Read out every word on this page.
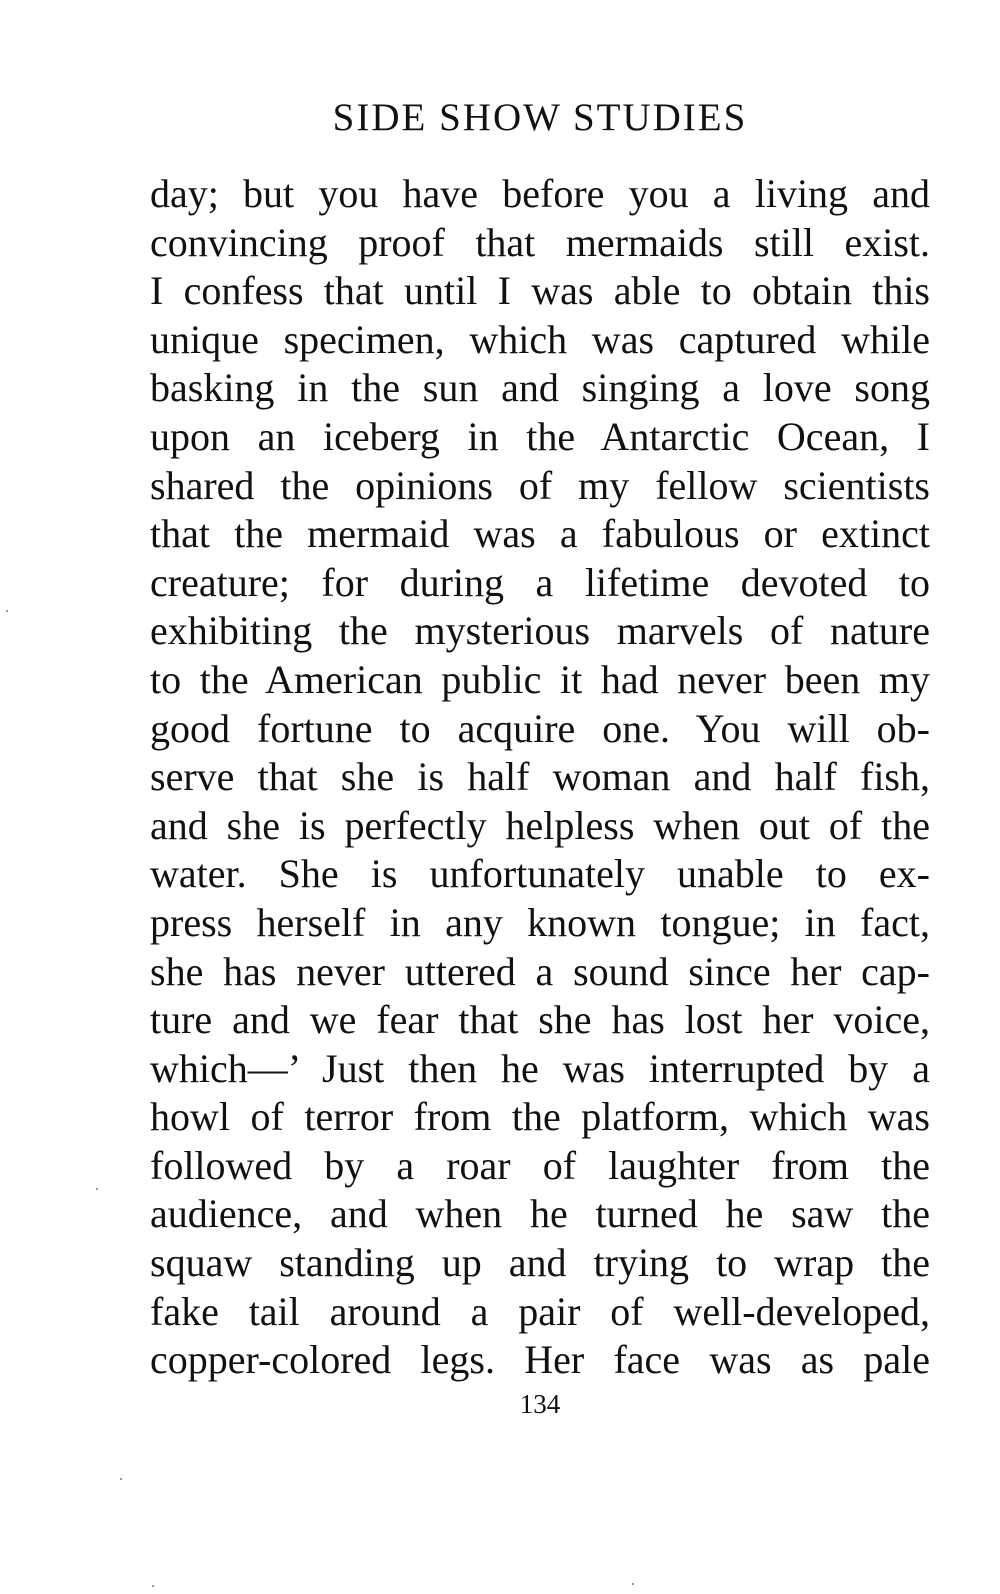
SIDE SHOW STUDIES
day; but you have before you a living and
convincing proof that mermaids still exist.
I confess that until I was able to obtain this
unique specimen, which was captured while
basking in the sun and singing a love song
upon an iceberg in the Antarctic Ocean, I
shared the opinions of my fellow scientists
that the mermaid was a fabulous or extinct
creature; for during a lifetime devoted to
exhibiting the mysterious marvels of nature
to the American public it had never been my
good fortune to acquire one. You will ob-
serve that she is half woman and half fish,
and she is perfectly helpless when out of the
water. She is unfortunately unable to ex-
press herself in any known tongue; in fact,
she has never uttered a sound since her cap-
ture and we fear that she has lost her voice,
which—’ Just then he was interrupted by a
howl of terror from the platform, which was
followed by a roar of laughter from the
audience, and when he turned he saw the
squaw standing up and trying to wrap the
fake tail around a pair of well-developed,
copper-colored legs. Her face was as pale
134
